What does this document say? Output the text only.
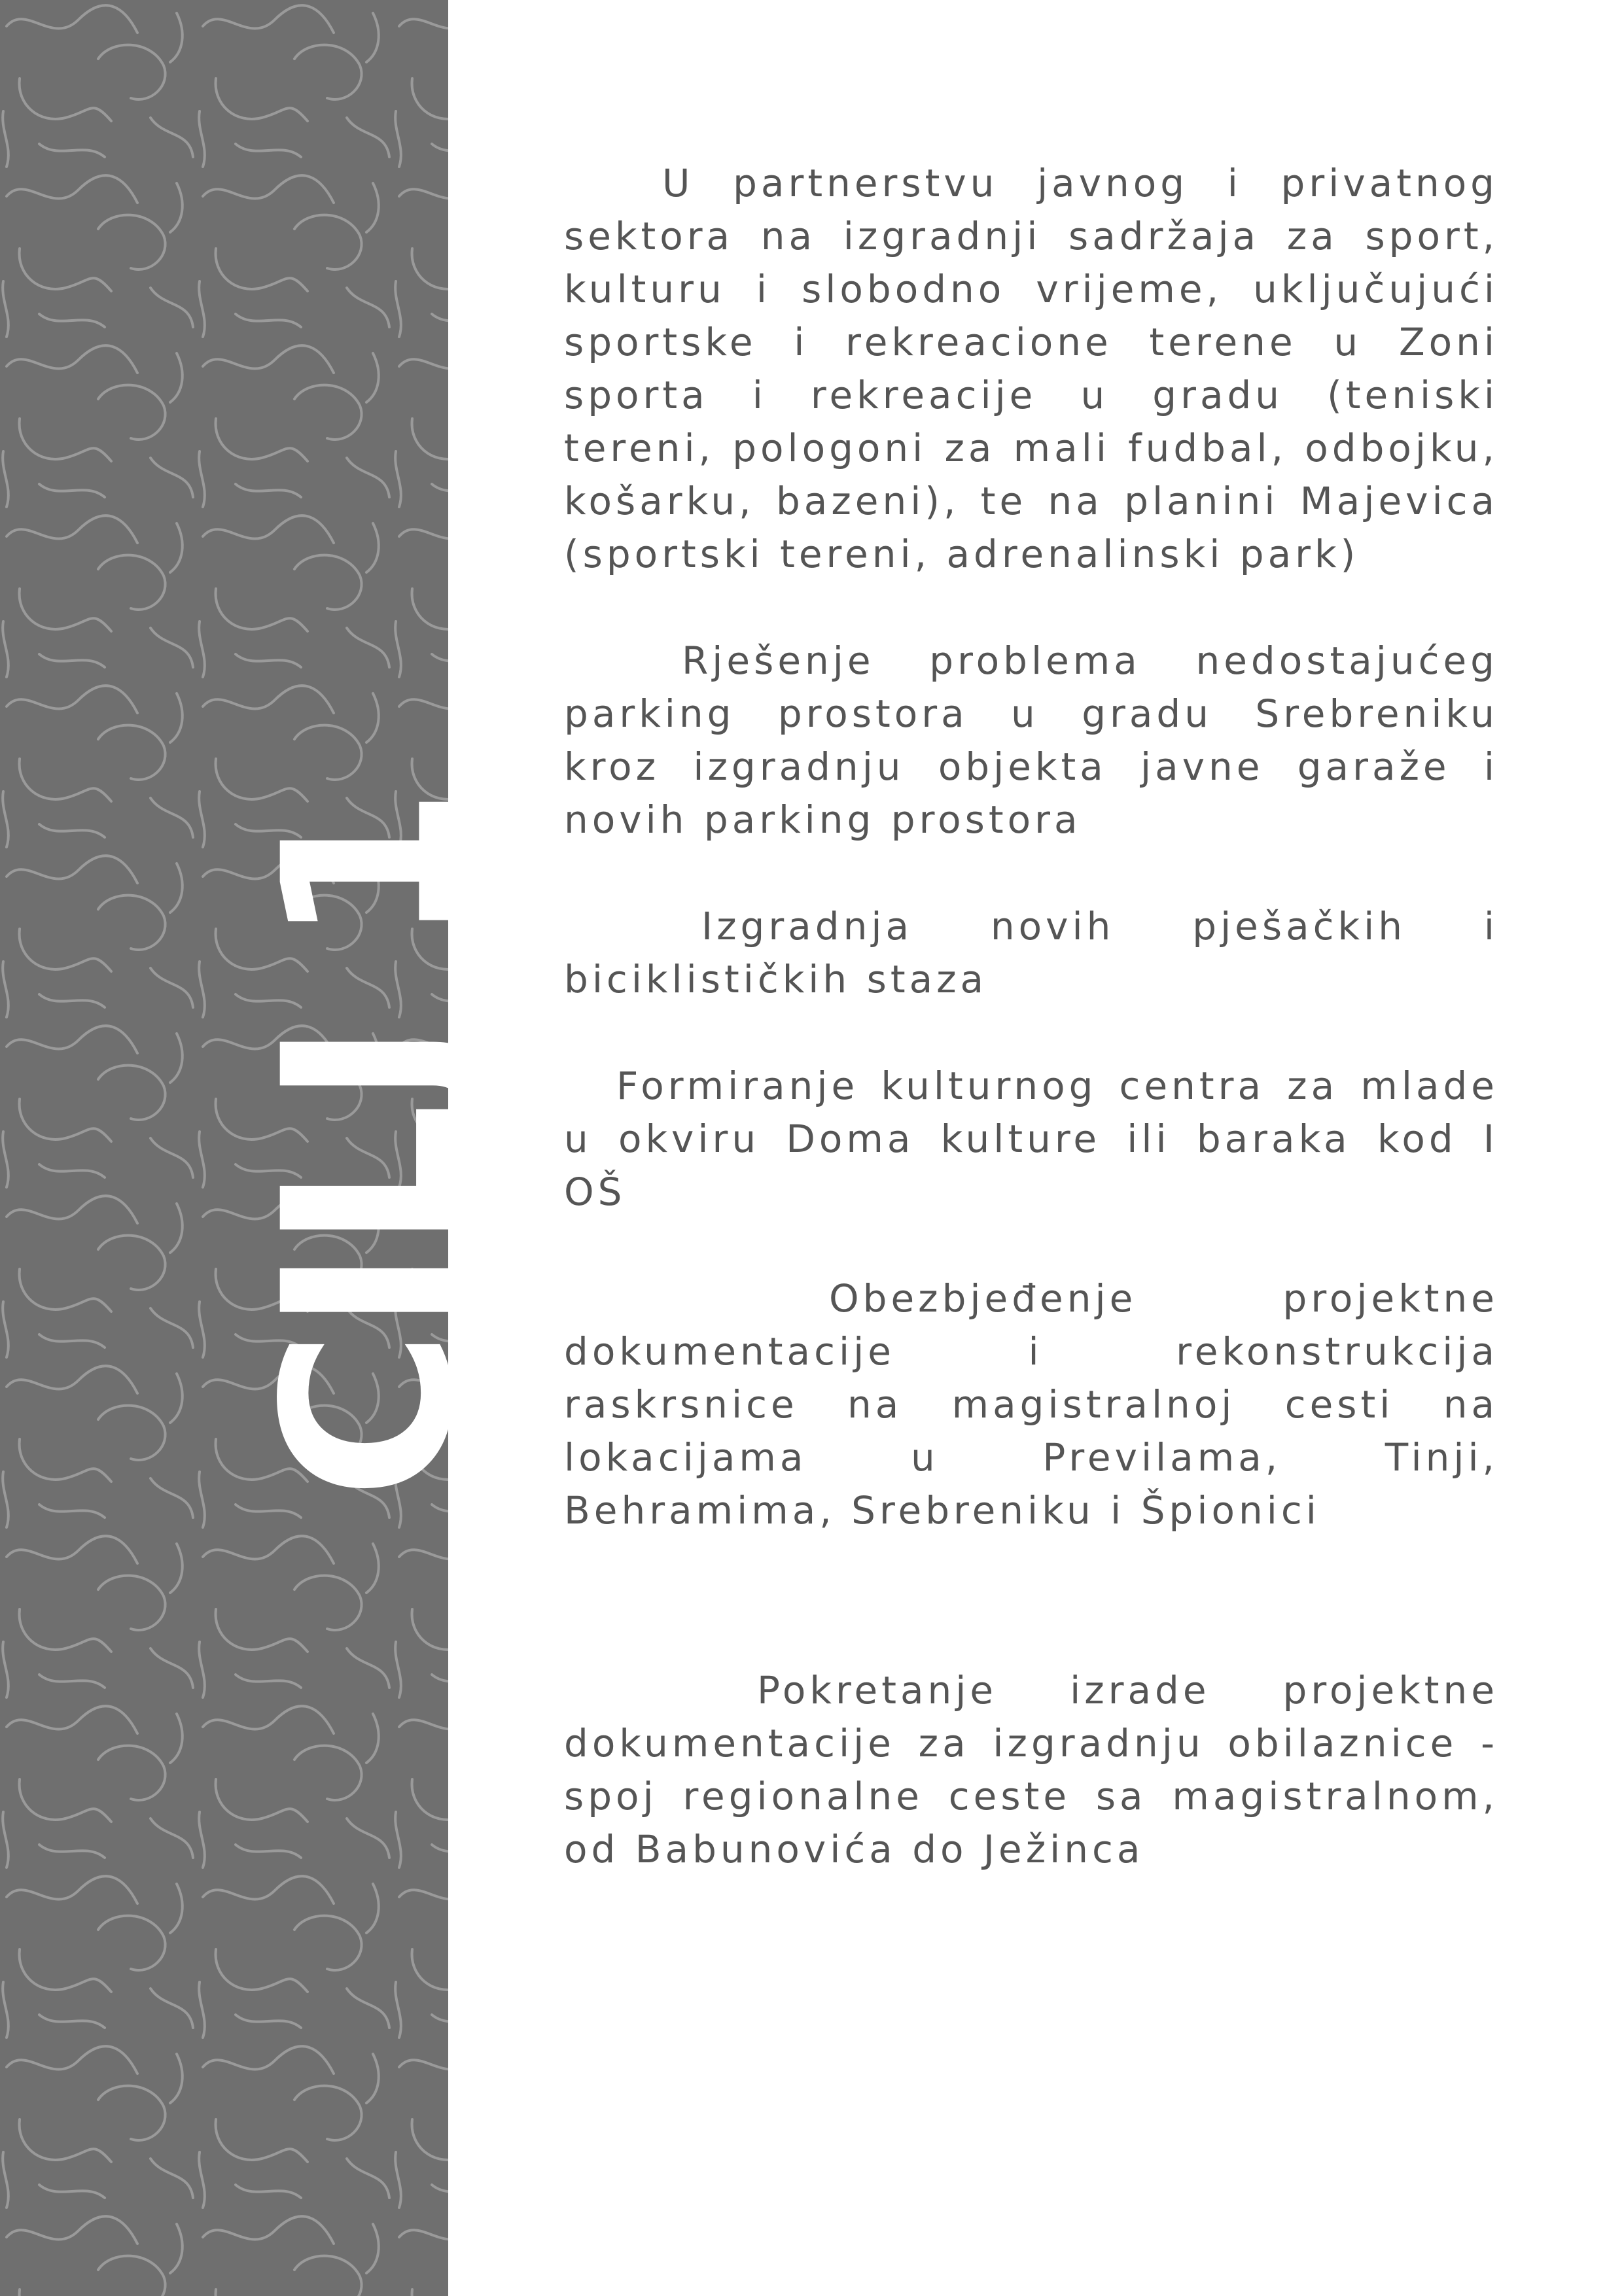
CILJ 1

U partnerstvu javnog i privatnog sektora na izgradnji sadržaja za sport, kulturu i slobodno vrijeme, uključujući sportske i rekreacione terene u Zoni sporta i rekreacije u gradu (teniski tereni, pologoni za mali fudbal, odbojku, košarku, bazeni), te na planini Majevica (sportski tereni, adrenalinski park)

Rješenje problema nedostajućeg parking prostora u gradu Srebreniku kroz izgradnju objekta javne garaže i novih parking prostora

Izgradnja novih pješačkih i biciklističkih staza

Formiranje kulturnog centra za mlade u okviru Doma kulture ili baraka kod I OŠ

Obezbjeđenje projektne dokumentacije i rekonstrukcija raskrsnice na magistralnoj cesti na lokacijama u Previlama, Tinji, Behramima, Srebreniku i Špionici

Pokretanje izrade projektne dokumentacije za izgradnju obilaznice - spoj regionalne ceste sa magistralnom, od Babunovića do Ježinca
